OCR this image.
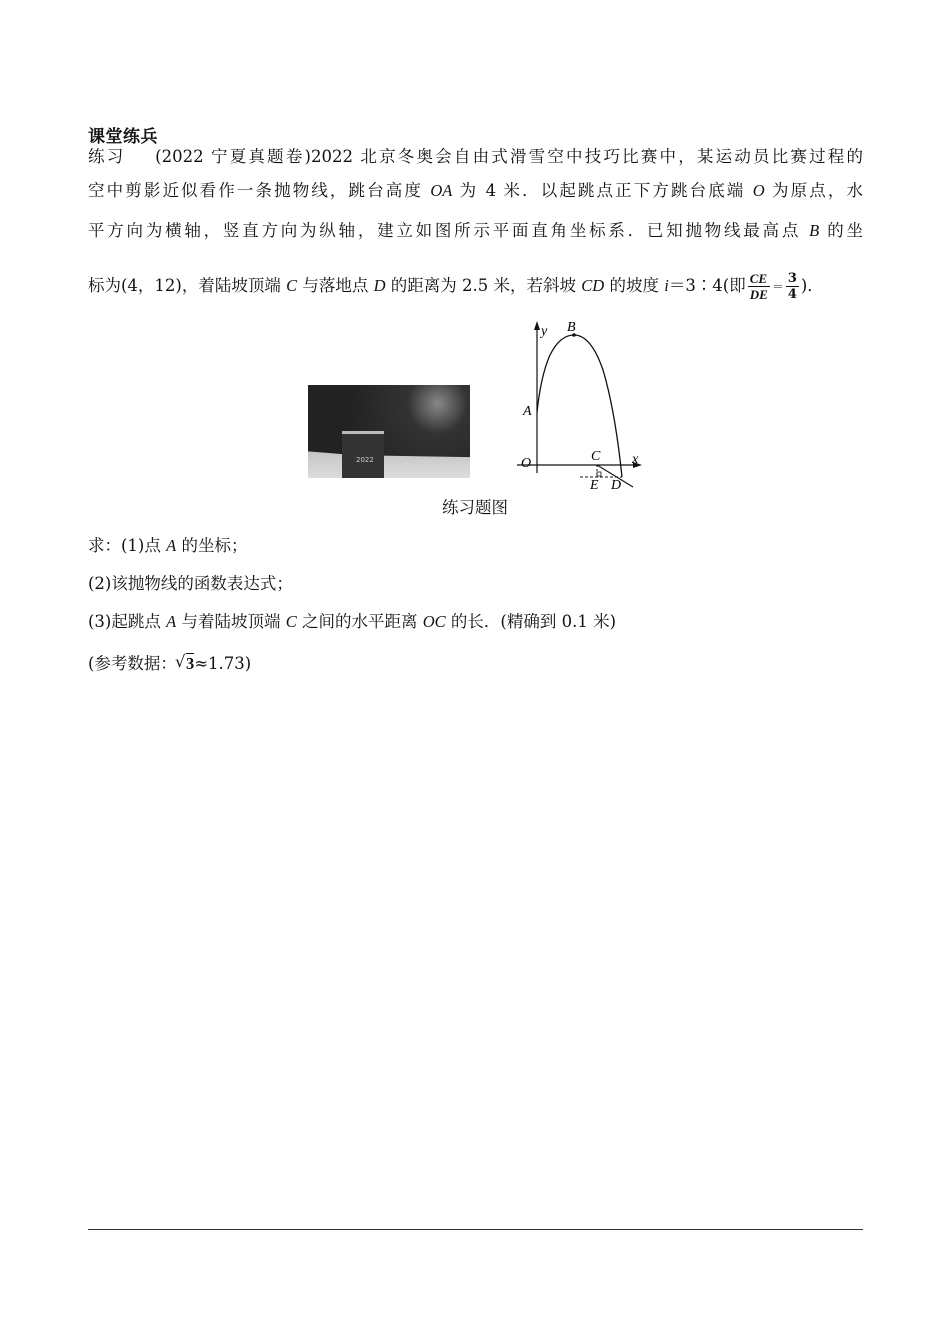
课堂练兵
练习 (2022 宁夏真题卷)2022 北京冬奥会自由式滑雪空中技巧比赛中，某运动员比赛过程的
空中剪影近似看作一条抛物线，跳台高度 OA 为 4 米．以起跳点正下方跳台底端 O 为原点，水
平方向为横轴，竖直方向为纵轴，建立如图所示平面直角坐标系．已知抛物线最高点 B 的坐
标为(4，12)，着陆坡顶端 C 与落地点 D 的距离为 2.5 米，若斜坡 CD 的坡度 i＝3∶4(即 $\frac{CE}{DE} = \frac{3}{4}$ )．
2022
y B
A
C
O	x
E D
练习题图
求：(1)点 A 的坐标；
(2)该抛物线的函数表达式；
(3)起跳点 A 与着陆坡顶端 C 之间的水平距离 OC 的长．(精确到 0.1 米)
(参考数据： √ 3≈1.73)
